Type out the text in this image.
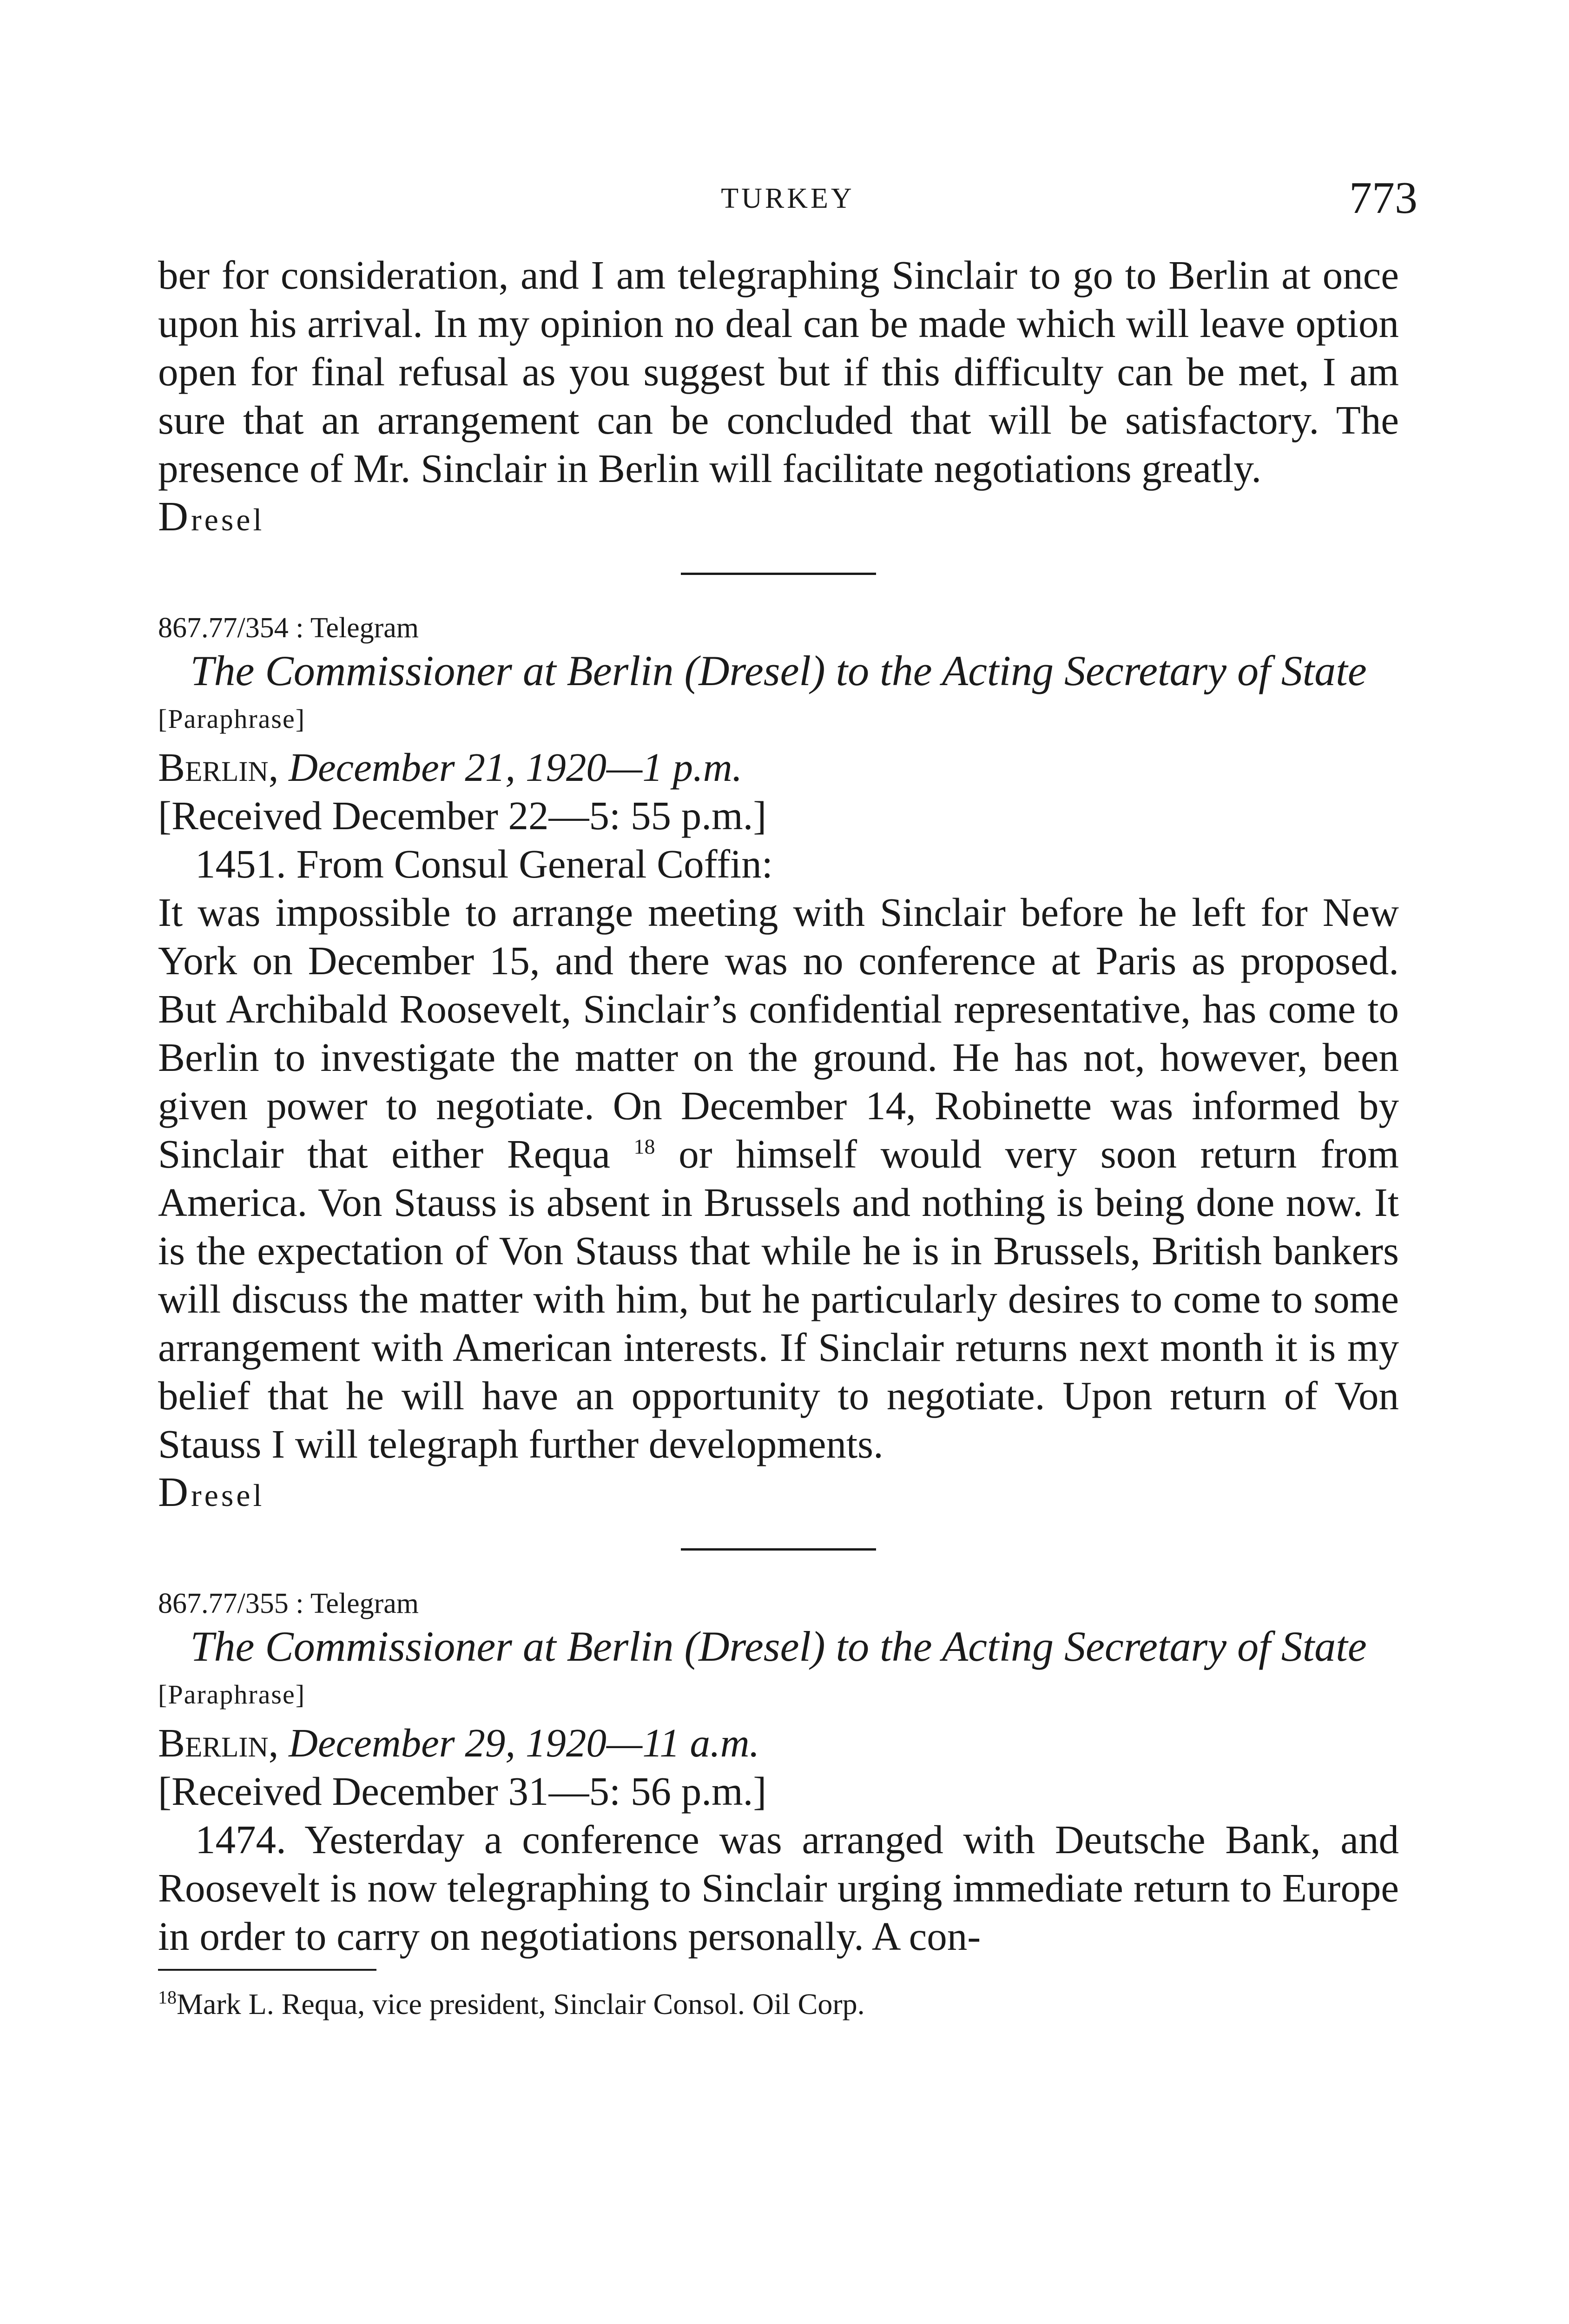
TURKEY	773

ber for consideration, and I am telegraphing Sinclair to go to Berlin at once upon his arrival. In my opinion no deal can be made which will leave option open for final refusal as you suggest but if this difficulty can be met, I am sure that an arrangement can be concluded that will be satisfactory. The presence of Mr. Sinclair in Berlin will facilitate negotiations greatly.

Dresel

867.77/354 : Telegram

The Commissioner at Berlin (Dresel) to the Acting Secretary of State

[Paraphrase]

Berlin, December 21, 1920—1 p.m.

[Received December 22—5: 55 p.m.]

1451. From Consul General Coffin:

It was impossible to arrange meeting with Sinclair before he left for New York on December 15, and there was no conference at Paris as proposed. But Archibald Roosevelt, Sinclair’s confidential representative, has come to Berlin to investigate the matter on the ground. He has not, however, been given power to negotiate. On December 14, Robinette was informed by Sinclair that either Requa $^{18}$ or himself would very soon return from America. Von Stauss is absent in Brussels and nothing is being done now. It is the expectation of Von Stauss that while he is in Brussels, British bankers will discuss the matter with him, but he particularly desires to come to some arrangement with American interests. If Sinclair returns next month it is my belief that he will have an opportunity to negotiate. Upon return of Von Stauss I will telegraph further developments.

Dresel

867.77/355 : Telegram

The Commissioner at Berlin (Dresel) to the Acting Secretary of State

[Paraphrase]

Berlin, December 29, 1920—11 a.m.

[Received December 31—5: 56 p.m.]

1474. Yesterday a conference was arranged with Deutsche Bank, and Roosevelt is now telegraphing to Sinclair urging immediate return to Europe in order to carry on negotiations personally. A con-

$^{18}$Mark L. Requa, vice president, Sinclair Consol. Oil Corp.
